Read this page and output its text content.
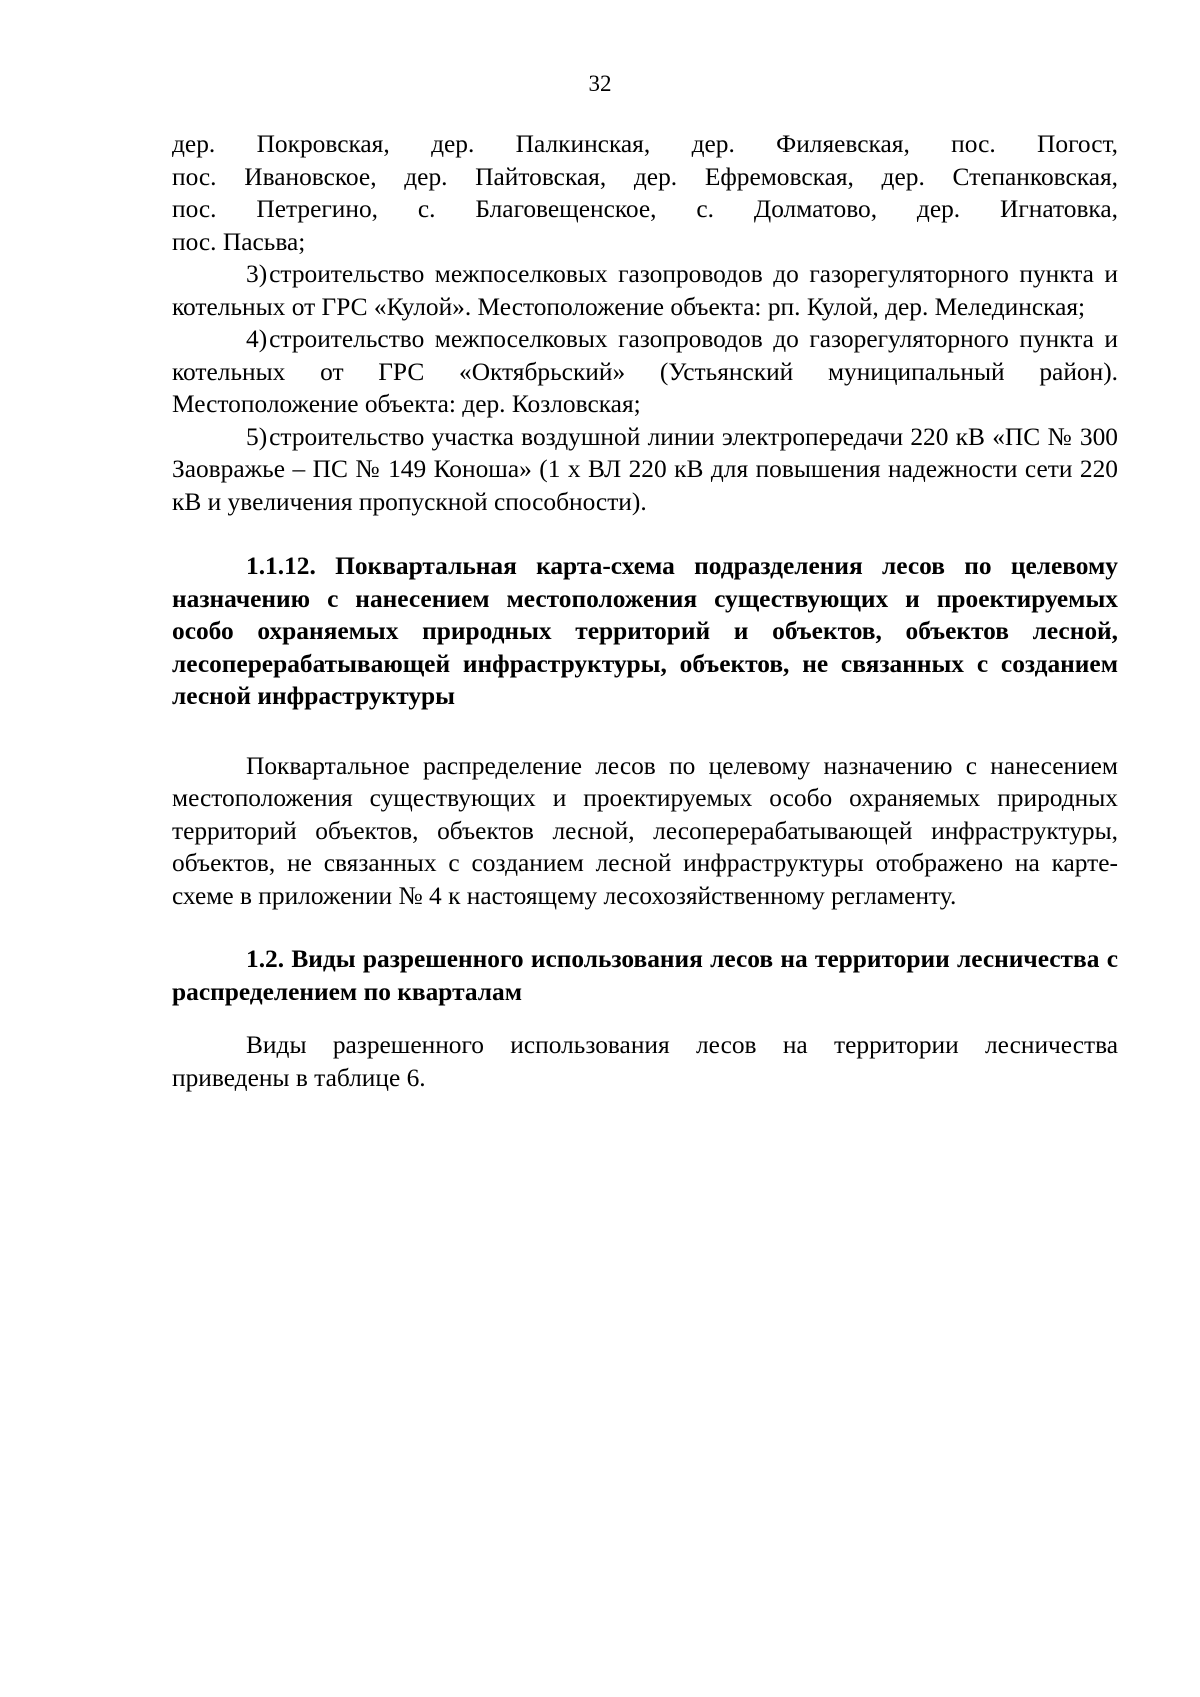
32

дер. Покровская, дер. Палкинская, дер. Филяевская, пос. Погост,

пос. Ивановское, дер. Пайтовская, дер. Ефремовская, дер. Степанковская,

пос. Петрегино, с. Благовещенское, с. Долматово, дер. Игнатовка,

пос. Пасьва;

3)строительство межпоселковых газопроводов до газорегуляторного пункта и котельных от ГРС «Кулой». Местоположение объекта: рп. Кулой, дер. Мелединская;

4)строительство межпоселковых газопроводов до газорегуляторного пункта и котельных от ГРС «Октябрьский» (Устьянский муниципальный район). Местоположение объекта: дер. Козловская;

5)строительство участка воздушной линии электропередачи 220 кВ «ПС № 300 Заовражье – ПС № 149 Коноша» (1 х ВЛ 220 кВ для повышения надежности сети 220 кВ и увеличения пропускной способности).

1.1.12. Поквартальная карта-схема подразделения лесов по целевому назначению с нанесением местоположения существующих и проектируемых особо охраняемых природных территорий и объектов, объектов лесной, лесоперерабатывающей инфраструктуры, объектов, не связанных с созданием лесной инфраструктуры

Поквартальное распределение лесов по целевому назначению с нанесением местоположения существующих и проектируемых особо охраняемых природных территорий объектов, объектов лесной, лесоперерабатывающей инфраструктуры, объектов, не связанных с созданием лесной инфраструктуры отображено на карте-схеме в приложении № 4 к настоящему лесохозяйственному регламенту.

1.2. Виды разрешенного использования лесов на территории лесничества с распределением по кварталам

Виды разрешенного использования лесов на территории лесничества приведены в таблице 6.
